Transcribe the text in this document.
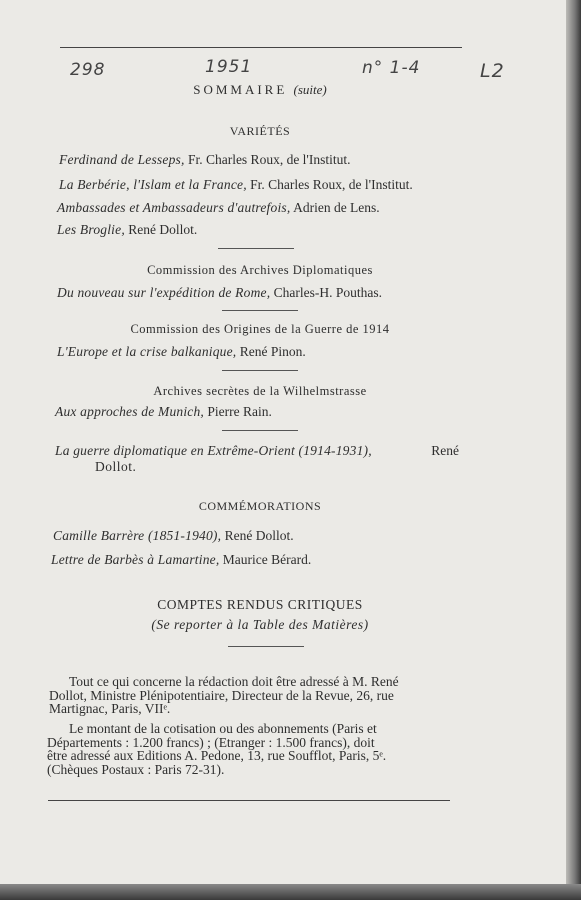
298	1951	n° 1-4	L2
SOMMAIRE (suite)
VARIÉTÉS
Ferdinand de Lesseps, Fr. Charles Roux, de l'Institut.
La Berbérie, l'Islam et la France, Fr. Charles Roux, de l'Institut.
Ambassades et Ambassadeurs d'autrefois, Adrien de Lens.
Les Broglie, René Dollot.
Commission des Archives Diplomatiques
Du nouveau sur l'expédition de Rome, Charles-H. Pouthas.
Commission des Origines de la Guerre de 1914
L'Europe et la crise balkanique, René Pinon.
Archives secrètes de la Wilhelmstrasse
Aux approches de Munich, Pierre Rain.
La guerre diplomatique en Extrême-Orient (1914-1931),	René
Dollot.
COMMÉMORATIONS
Camille Barrère (1851-1940), René Dollot.
Lettre de Barbès à Lamartine, Maurice Bérard.
COMPTES RENDUS CRITIQUES
(Se reporter à la Table des Matières)
Tout ce qui concerne la rédaction doit être adressé à M. René
Dollot, Ministre Plénipotentiaire, Directeur de la Revue, 26, rue
Martignac, Paris, VIIᵉ.
Le montant de la cotisation ou des abonnements (Paris et
Départements : 1.200 francs) ; (Etranger : 1.500 francs), doit
être adressé aux Editions A. Pedone, 13, rue Soufflot, Paris, 5ᵉ.
(Chèques Postaux : Paris 72-31).
